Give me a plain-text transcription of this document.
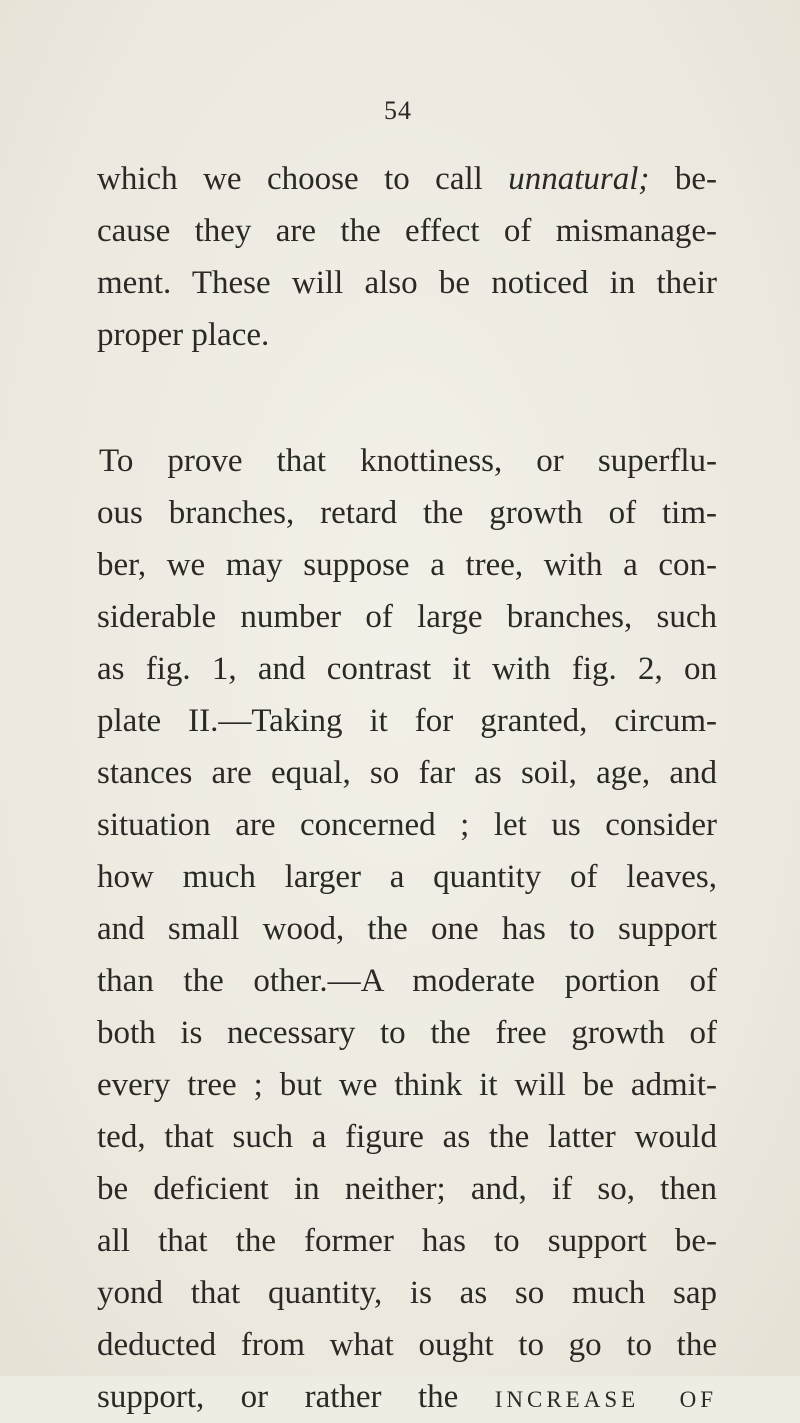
54
which we choose to call unnatural; be-
cause they are the effect of mismanage-
ment. These will also be noticed in their
proper place.
To prove that knottiness, or superflu-
ous branches, retard the growth of tim-
ber, we may suppose a tree, with a con-
siderable number of large branches, such
as fig. 1, and contrast it with fig. 2, on
plate II.—Taking it for granted, circum-
stances are equal, so far as soil, age, and
situation are concerned ; let us consider
how much larger a quantity of leaves,
and small wood, the one has to support
than the other.—A moderate portion of
both is necessary to the free growth of
every tree ; but we think it will be admit-
ted, that such a figure as the latter would
be deficient in neither; and, if so, then
all that the former has to support be-
yond that quantity, is as so much sap
deducted from what ought to go to the
support, or rather the increase of
